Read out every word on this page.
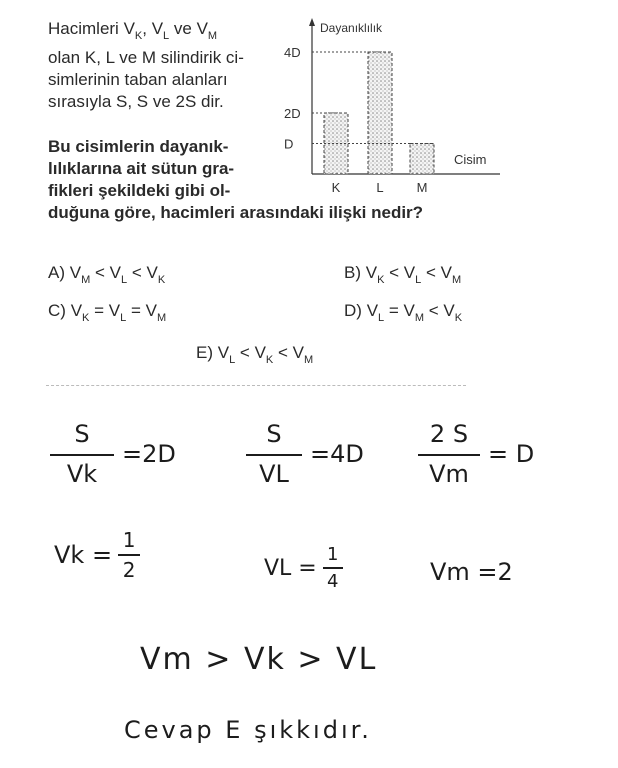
Hacimleri $V_K$, $V_L$ ve $V_M$
olan K, L ve M silindirik ci-
simlerinin taban alanları
sırasıyla S, S ve 2S dir.
Bu cisimlerin dayanık-
lılıklarına ait sütun gra-
fikleri şekildeki gibi ol-
duğuna göre, hacimleri arasındaki ilişki nedir?
Dayanıklılık
Cisim
D
2D
4D
K	L	M
A) $V_M < V_L < V_K$	B) $V_K < V_L < V_M$
C) $V_K = V_L = V_M$	D) $V_L = V_M < V_K$
E) $V_L < V_K < V_M$
$\frac{S}{Vk} =2D$	$\frac{S}{VL} =4D \frac{2 S}{Vm} = D$
$Vk = \frac{1}{2}$	VL = $\frac{1}{4}$	Vm =2
Vm > Vk > VL
Cevap E şıkkıdır.
